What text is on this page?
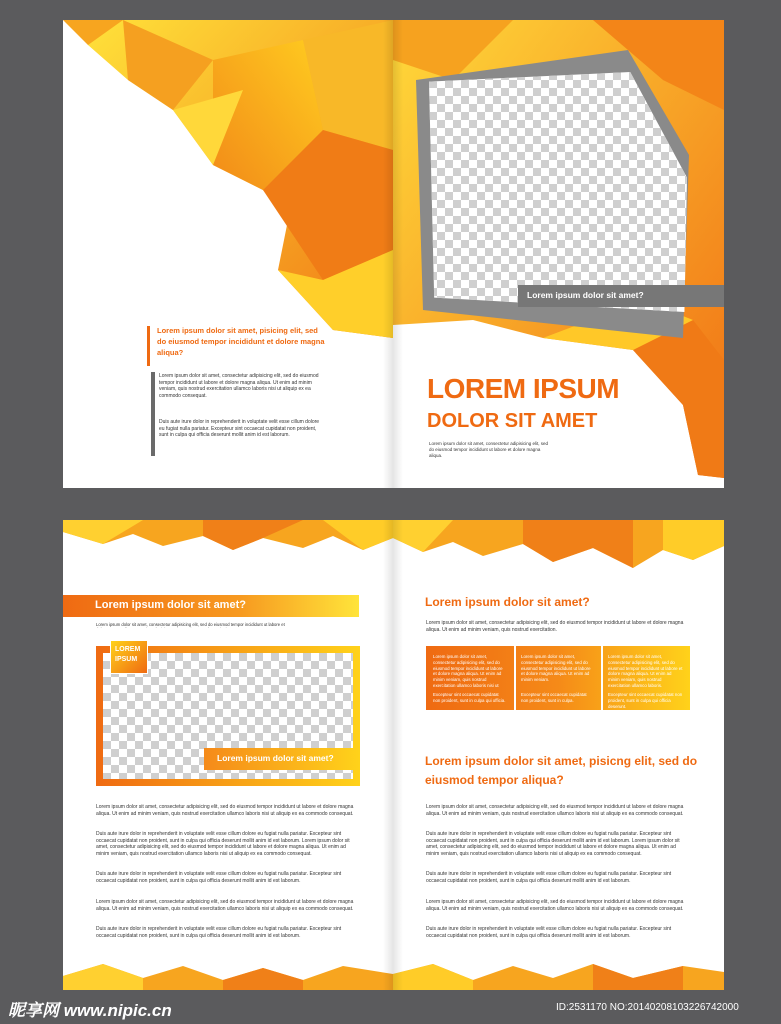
Lorem ipsum dolor sit amet, pisicing elit, sed do eiusmod tempor incididunt et dolore magna aliqua?
Lorem ipsum dolor sit amet, consectetur adipisicing elit, sed do eiusmod tempor incididunt ut labore et dolore magna aliqua. Ut enim ad minim veniam, quis nostrud exercitation ullamco laboris nisi ut aliquip ex ea commodo consequat.
Duis aute irure dolor in reprehenderit in voluptate velit esse cillum dolore eu fugiat nulla pariatur. Excepteur sint occaecat cupidatat non proident, sunt in culpa qui officia deserunt mollit anim id est laborum.
Lorem ipsum dolor sit amet?
LOREM IPSUM
DOLOR SIT AMET
Lorem ipsum dolor sit amet, consectetur adipisicing elit, sed do eiusmod tempor incididunt ut labore et dolore magna aliqua.
Lorem ipsum dolor sit amet?
Lorem ipsum dolor sit amet, consectetur adipisicing elit, sed do eiusmod tempor incididunt ut labore et
LOREM
IPSUM
Lorem ipsum dolor sit amet?
Lorem ipsum dolor sit amet, consectetur adipisicing elit, sed do eiusmod tempor incididunt ut labore et dolore magna aliqua. Ut enim ad minim veniam, quis nostrud exercitation ullamco laboris nisi ut aliquip ex ea commodo consequat.
Duis aute irure dolor in reprehenderit in voluptate velit esse cillum dolore eu fugiat nulla pariatur. Excepteur sint occaecat cupidatat non proident, sunt in culpa qui officia deserunt mollit anim id est laborum. Lorem ipsum dolor sit amet, consectetur adipisicing elit, sed do eiusmod tempor incididunt ut labore et dolore magna aliqua. Ut enim ad minim veniam, quis nostrud exercitation ullamco laboris nisi ut aliquip ex ea commodo consequat.
Duis aute irure dolor in reprehenderit in voluptate velit esse cillum dolore eu fugiat nulla pariatur. Excepteur sint occaecat cupidatat non proident, sunt in culpa qui officia deserunt mollit anim id est laborum.
Lorem ipsum dolor sit amet, consectetur adipisicing elit, sed do eiusmod tempor incididunt ut labore et dolore magna aliqua. Ut enim ad minim veniam, quis nostrud exercitation ullamco laboris nisi ut aliquip ex ea commodo consequat.
Duis aute irure dolor in reprehenderit in voluptate velit esse cillum dolore eu fugiat nulla pariatur. Excepteur sint occaecat cupidatat non proident, sunt in culpa qui officia deserunt mollit anim id est laborum.
Lorem ipsum dolor sit amet?
Lorem ipsum dolor sit amet, consectetur adipisicing elit, sed do eiusmod tempor incididunt ut labore et dolore magna aliqua. Ut enim ad minim veniam, quis nostrud exercitation.
Lorem ipsum dolor sit amet, consectetur adipisicing elit, sed do eiusmod tempor incididunt ut labore et dolore magna aliqua. Ut enim ad minim veniam, quis nostrud exercitation ullamco laboris nisi ut
Excepteur sint occaecat cupidatat non proident, sunt in culpa qui officia.
Lorem ipsum dolor sit amet, consectetur adipisicing elit, sed do eiusmod tempor incididunt ut labore et dolore magna aliqua. Ut enim ad minim veniam.
Excepteur sint occaecat cupidatat non proident, sunt in culpa.
Lorem ipsum dolor sit amet, consectetur adipisicing elit, sed do eiusmod tempor incididunt ut labore et dolore magna aliqua. Ut enim ad minim veniam, quis nostrud exercitation ullamco laboris.
Excepteur sint occaecat cupidatat non proident, sunt in culpa qui officia deserunt.
Lorem ipsum dolor sit amet, pisicng elit, sed do eiusmod tempor aliqua?
Lorem ipsum dolor sit amet, consectetur adipisicing elit, sed do eiusmod tempor incididunt ut labore et dolore magna aliqua. Ut enim ad minim veniam, quis nostrud exercitation ullamco laboris nisi ut aliquip ex ea commodo consequat.
Duis aute irure dolor in reprehenderit in voluptate velit esse cillum dolore eu fugiat nulla pariatur. Excepteur sint occaecat cupidatat non proident, sunt in culpa qui officia deserunt mollit anim id est laborum. Lorem ipsum dolor sit amet, consectetur adipisicing elit, sed do eiusmod tempor incididunt ut labore et dolore magna aliqua. Ut enim ad minim veniam, quis nostrud exercitation ullamco laboris nisi ut aliquip ex ea commodo consequat.
Duis aute irure dolor in reprehenderit in voluptate velit esse cillum dolore eu fugiat nulla pariatur. Excepteur sint occaecat cupidatat non proident, sunt in culpa qui officia deserunt mollit anim id est laborum.
Lorem ipsum dolor sit amet, consectetur adipisicing elit, sed do eiusmod tempor incididunt ut labore et dolore magna aliqua. Ut enim ad minim veniam, quis nostrud exercitation ullamco laboris nisi ut aliquip ex ea commodo consequat.
Duis aute irure dolor in reprehenderit in voluptate velit esse cillum dolore eu fugiat nulla pariatur. Excepteur sint occaecat cupidatat non proident, sunt in culpa qui officia deserunt mollit anim id est laborum.
昵享网 www.nipic.cn	ID:2531170 NO:20140208103226742000
